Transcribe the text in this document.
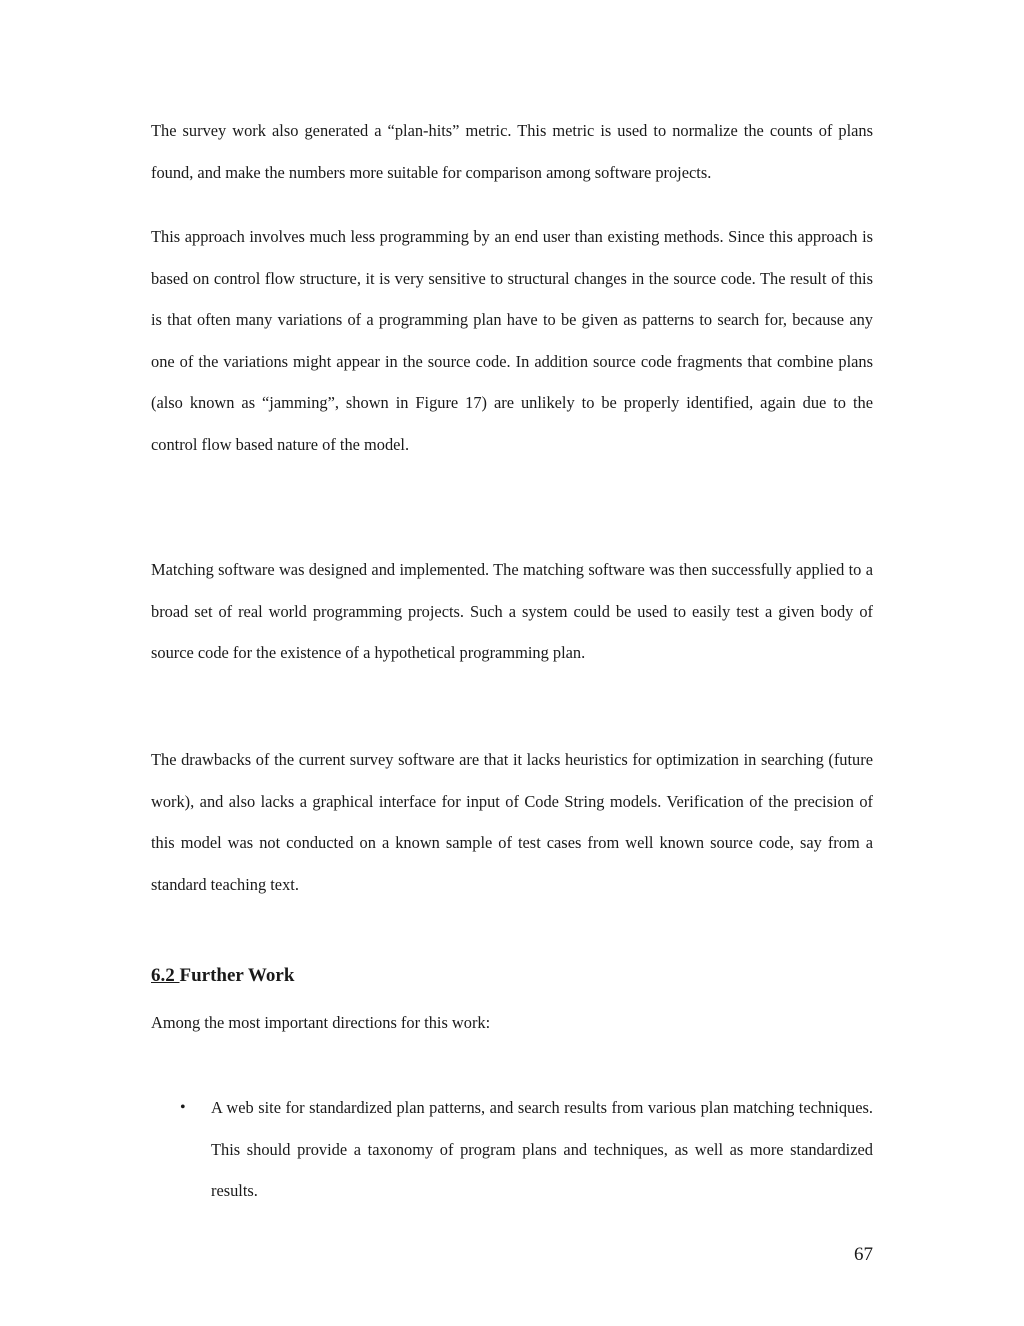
The survey work also generated a “plan-hits” metric. This metric is used to normalize the counts of plans found, and make the numbers more suitable for comparison among software projects.

This approach involves much less programming by an end user than existing methods. Since this approach is based on control flow structure, it is very sensitive to structural changes in the source code. The result of this is that often many variations of a programming plan have to be given as patterns to search for, because any one of the variations might appear in the source code. In addition source code fragments that combine plans (also known as “jamming”, shown in Figure 17) are unlikely to be properly identified, again due to the control flow based nature of the model.

Matching software was designed and implemented. The matching software was then successfully applied to a broad set of real world programming projects. Such a system could be used to easily test a given body of source code for the existence of a hypothetical programming plan.

The drawbacks of the current survey software are that it lacks heuristics for optimization in searching (future work), and also lacks a graphical interface for input of Code String models. Verification of the precision of this model was not conducted on a known sample of test cases from well known source code, say from a standard teaching text.

6.2 Further Work

Among the most important directions for this work:

• A web site for standardized plan patterns, and search results from various plan matching techniques. This should provide a taxonomy of program plans and techniques, as well as more standardized results.
67
